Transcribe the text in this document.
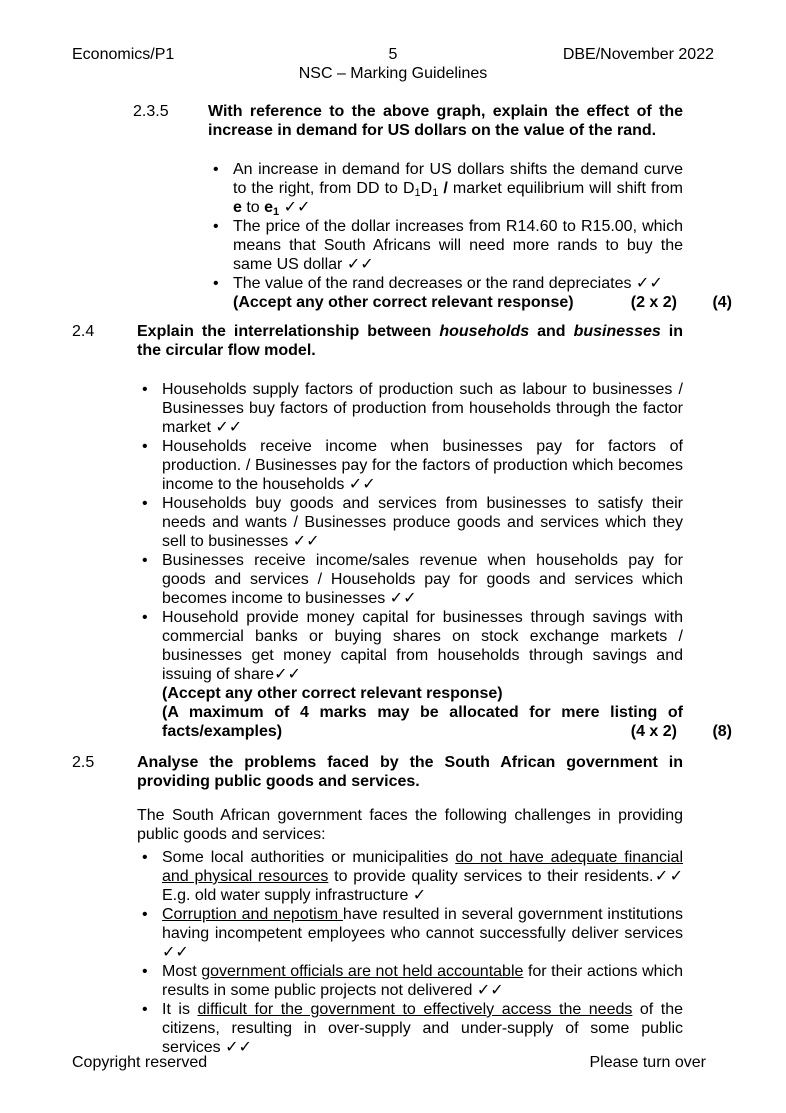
Economics/P1	5	DBE/November 2022
NSC – Marking Guidelines
2.3.5	With reference to the above graph, explain the effect of the increase in demand for US dollars on the value of the rand.
• An increase in demand for US dollars shifts the demand curve to the right, from DD to $D_1D_1$ / market equilibrium will shift from e to $e_1$ ✓✓
• The price of the dollar increases from R14.60 to R15.00, which means that South Africans will need more rands to buy the same US dollar ✓✓
• The value of the rand decreases or the rand depreciates ✓✓
(Accept any other correct relevant response)	(2 x 2) (4)
2.4	Explain the interrelationship between households and businesses in the circular flow model.
• Households supply factors of production such as labour to businesses / Businesses buy factors of production from households through the factor market ✓✓
• Households receive income when businesses pay for factors of production. / Businesses pay for the factors of production which becomes income to the households ✓✓
• Households buy goods and services from businesses to satisfy their needs and wants / Businesses produce goods and services which they sell to businesses ✓✓
• Businesses receive income/sales revenue when households pay for goods and services / Households pay for goods and services which becomes income to businesses ✓✓
• Household provide money capital for businesses through savings with commercial banks or buying shares on stock exchange markets / businesses get money capital from households through savings and issuing of share✓✓
(Accept any other correct relevant response)
(A maximum of 4 marks may be allocated for mere listing of facts/examples)	(4 x 2) (8)
2.5	Analyse the problems faced by the South African government in providing public goods and services.
The South African government faces the following challenges in providing public goods and services:
• Some local authorities or municipalities do not have adequate financial and physical resources to provide quality services to their residents.✓✓ E.g. old water supply infrastructure ✓
• Corruption and nepotism have resulted in several government institutions having incompetent employees who cannot successfully deliver services ✓✓
• Most government officials are not held accountable for their actions which results in some public projects not delivered ✓✓
• It is difficult for the government to effectively access the needs of the citizens, resulting in over-supply and under-supply of some public services ✓✓
Copyright reserved	Please turn over
